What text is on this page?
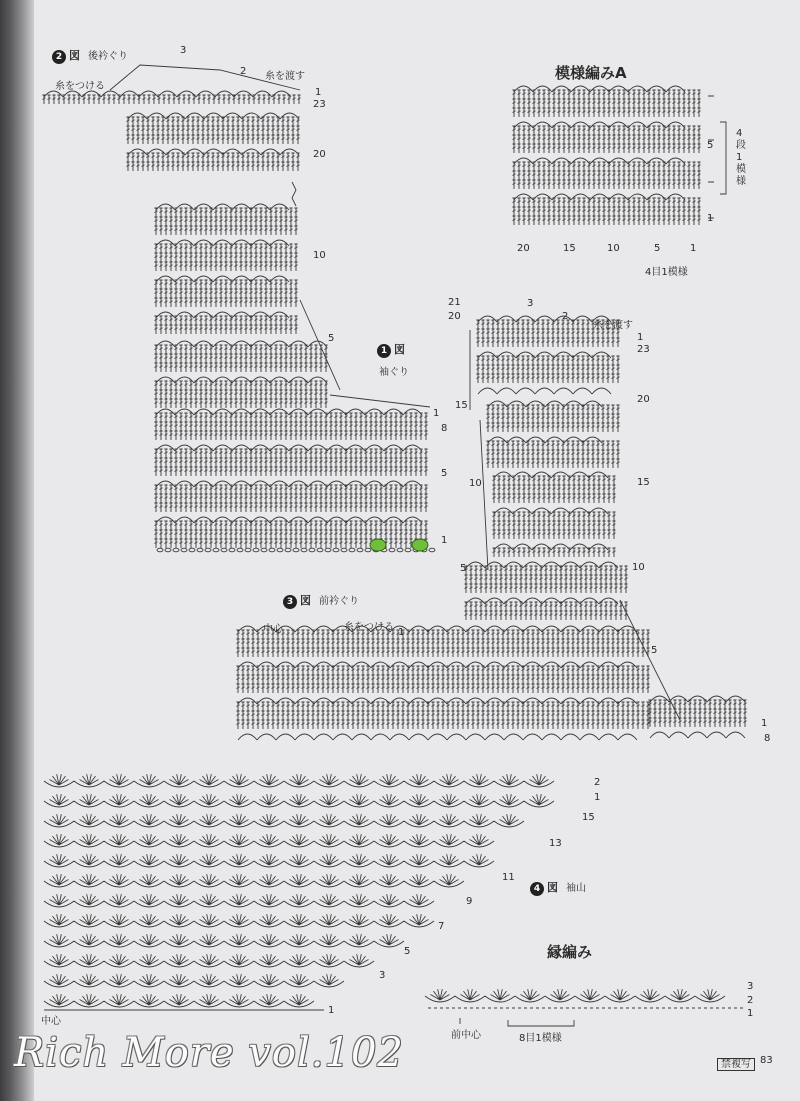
模様編みA
20	15	10	5	1
5
1
4段1模様
4目1模様
2 図 後衿ぐり
糸をつける
糸を渡す
3
2
1
23
20
10
5
1
1 図
袖ぐり
8
5
1
糸を渡す
21
20
15
10
5
3
2
1
23
20
15
10
5
1
8
3 図 前衿ぐり
中心	糸をつける 1
4 図 袖山
中心
2
1
15
13
11
9
7
5
3
1
縁編み
前中心	8目1模様
3
2
1
Rich More vol.102	禁複写 83
